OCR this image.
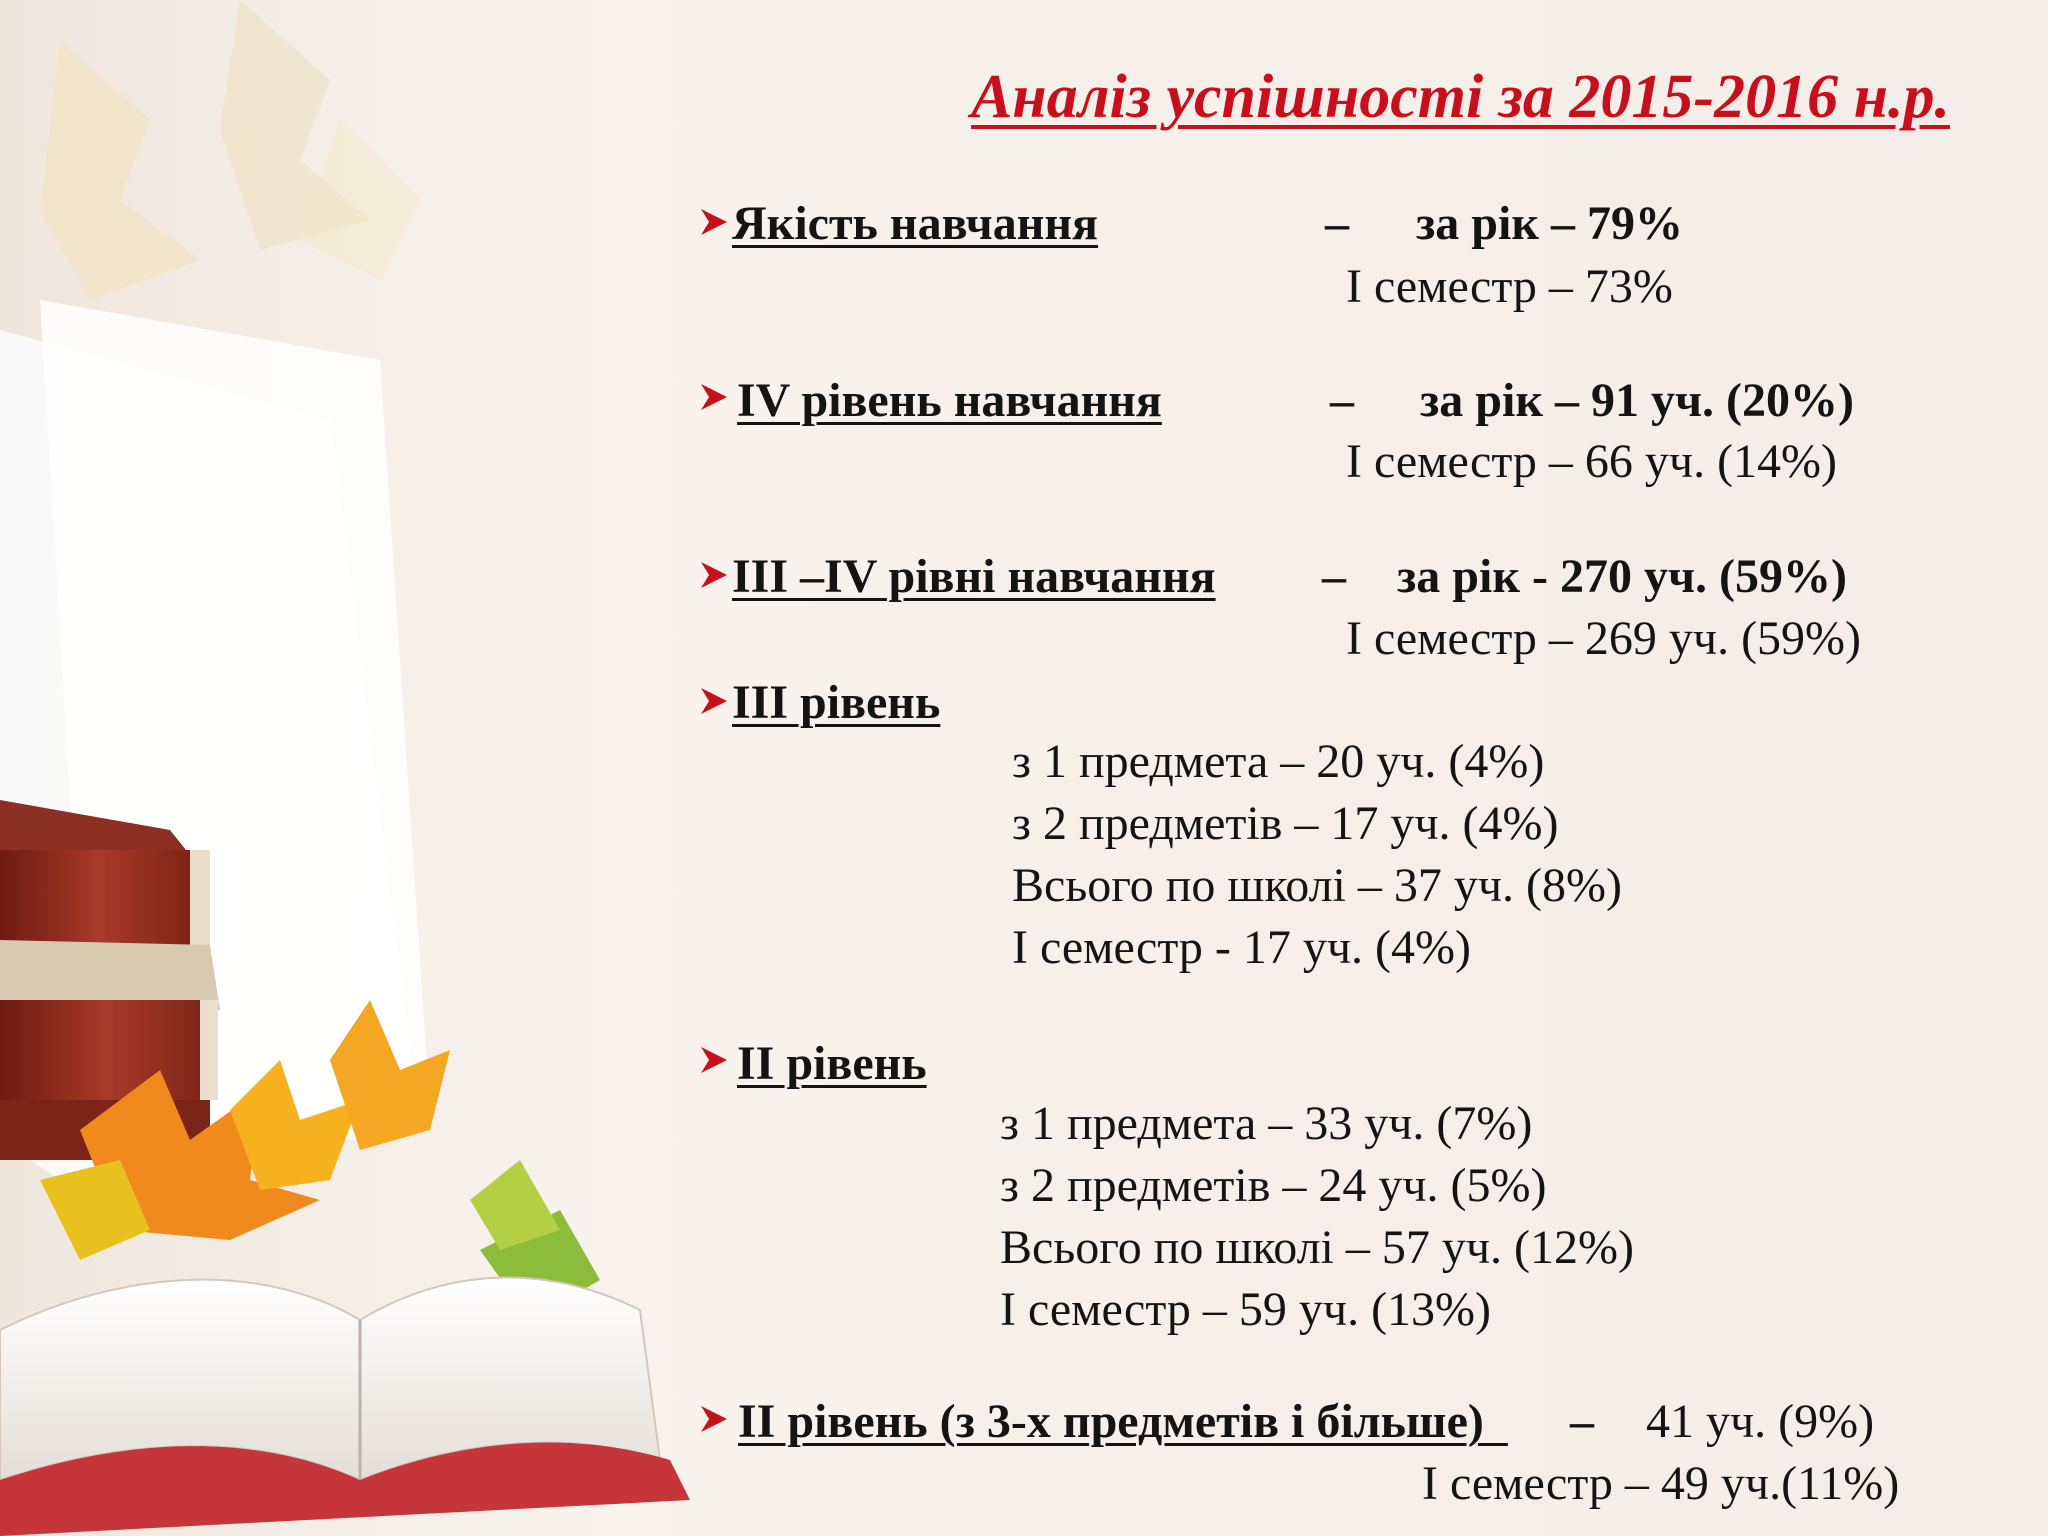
Аналіз успішності за 2015-2016 н.р.
Якість навчання	– за рік – 79%
І семестр – 73%
IV рівень навчання	– за рік – 91 уч. (20%)
І семестр – 66 уч. (14%)
ІІІ –IV рівні навчання – за рік - 270 уч. (59%)
І семестр – 269 уч. (59%)
ІІІ рівень
з 1 предмета – 20 уч. (4%)
з 2 предметів – 17 уч. (4%)
Всього по школі – 37 уч. (8%)
І семестр - 17 уч. (4%)
ІІ рівень
з 1 предмета – 33 уч. (7%)
з 2 предметів – 24 уч. (5%)
Всього по школі – 57 уч. (12%)
І семестр – 59 уч. (13%)
ІІ рівень (з 3-х предметів і більше) – 41 уч. (9%)
І семестр – 49 уч.(11%)
